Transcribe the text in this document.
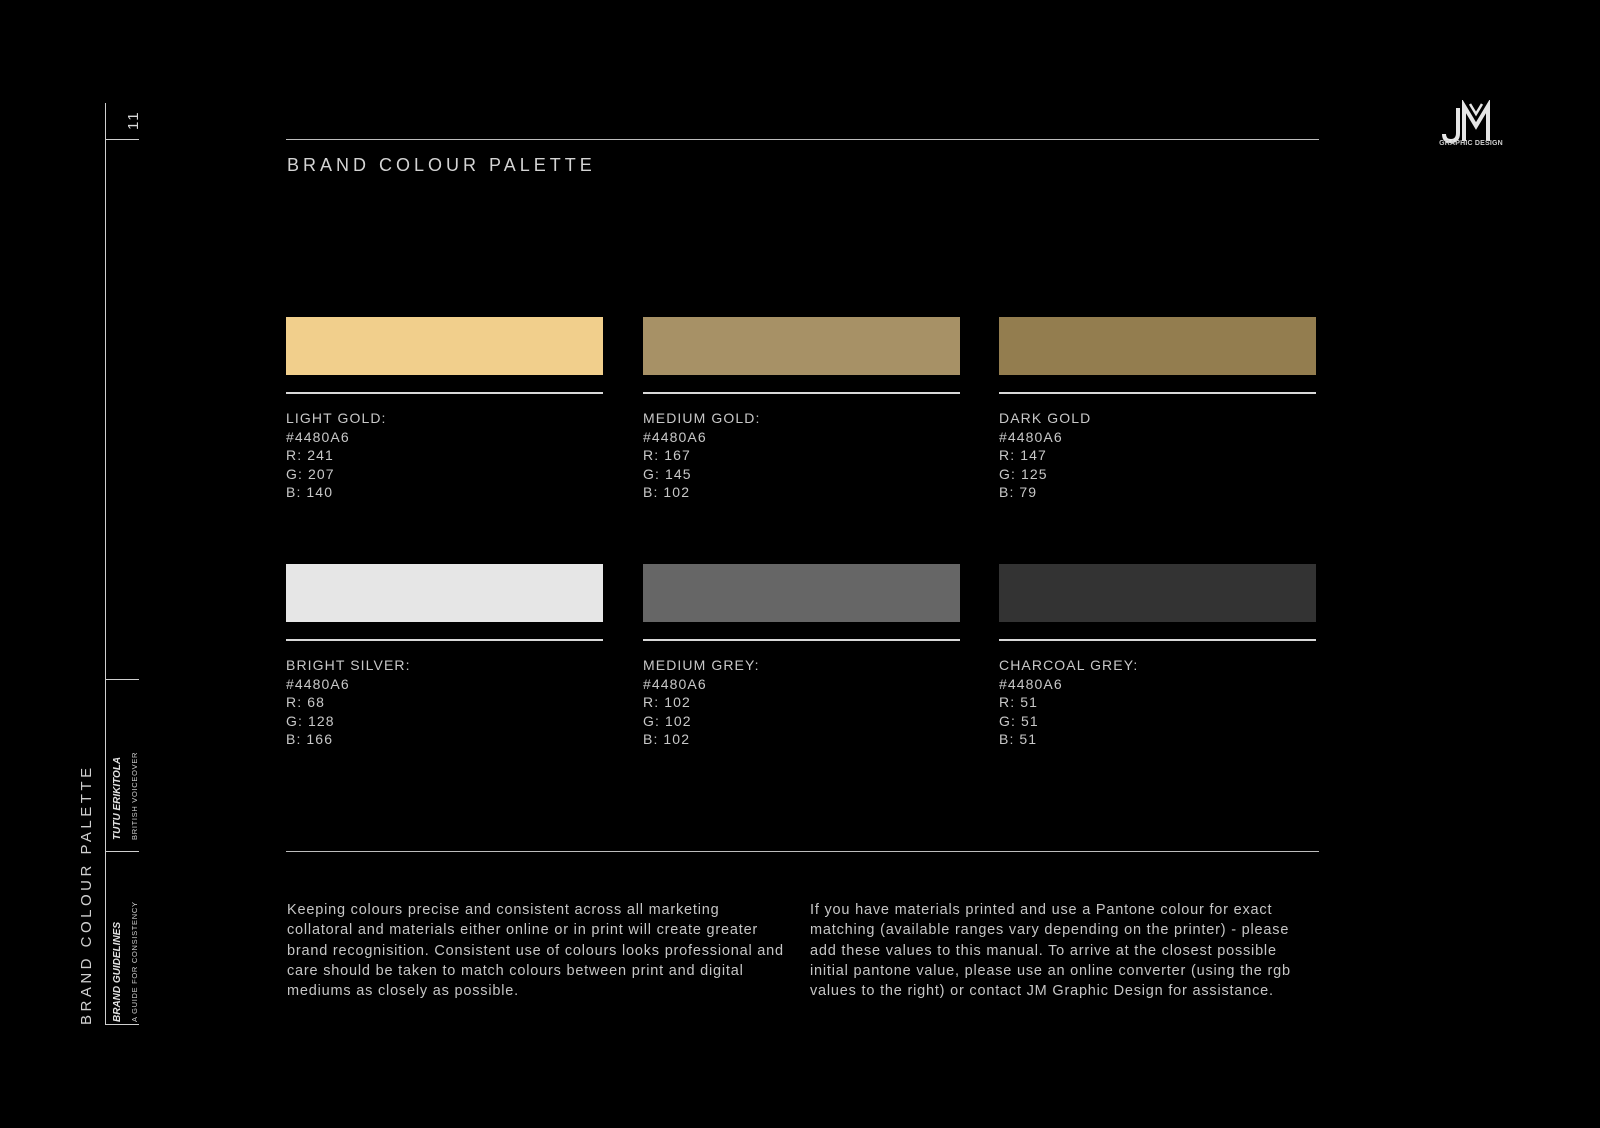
11
BRAND COLOUR PALETTE TUTU ERIKITOLA BRITISH VOICEOVER
BRAND GUIDELINES A GUIDE FOR CONSISTENCY
GRAPHIC DESIGN
BRAND COLOUR PALETTE
LIGHT GOLD:
#4480A6
R: 241
G: 207
B: 140
MEDIUM GOLD:
#4480A6
R: 167
G: 145
B: 102
DARK GOLD
#4480A6
R: 147
G: 125
B: 79
BRIGHT SILVER:
#4480A6
R: 68
G: 128
B: 166
MEDIUM GREY:
#4480A6
R: 102
G: 102
B: 102
CHARCOAL GREY:
#4480A6
R: 51
G: 51
B: 51
Keeping colours precise and consistent across all marketing collatoral and materials either online or in print will create greater brand recognisition. Consistent use of colours looks professional and care should be taken to match colours between print and digital mediums as closely as possible.
If you have materials printed and use a Pantone colour for exact matching (available ranges vary depending on the printer) - please add these values to this manual. To arrive at the closest possible initial pantone value, please use an online converter (using the rgb values to the right) or contact JM Graphic Design for assistance.
